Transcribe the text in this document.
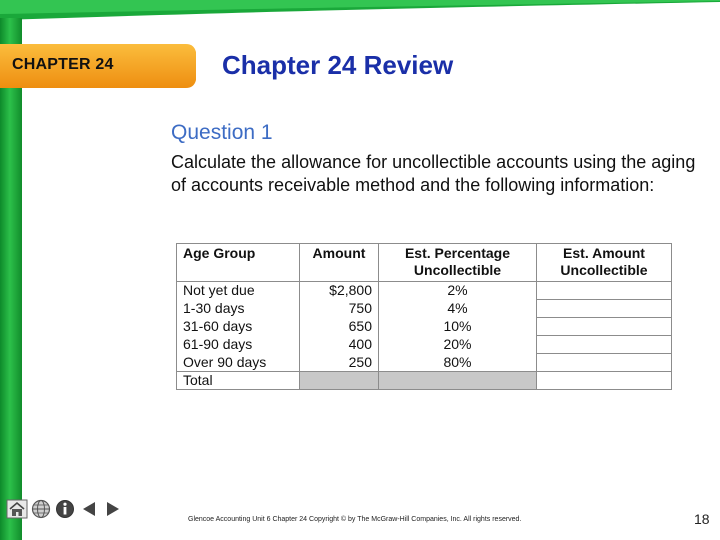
CHAPTER 24	Chapter 24 Review
Question 1
Calculate the allowance for uncollectible accounts using the aging of accounts receivable method and the following information:
Age Group	Amount	Est. Percentage Uncollectible	Est. Amount Uncollectible
Not yet due	$2,800	2%	
1-30 days	750	4%	
31-60 days	650	10%	
61-90 days	400	20%	
Over 90 days	250	80%	
Total			
Glencoe Accounting Unit 6 Chapter 24 Copyright © by The McGraw-Hill Companies, Inc. All rights reserved.	18
